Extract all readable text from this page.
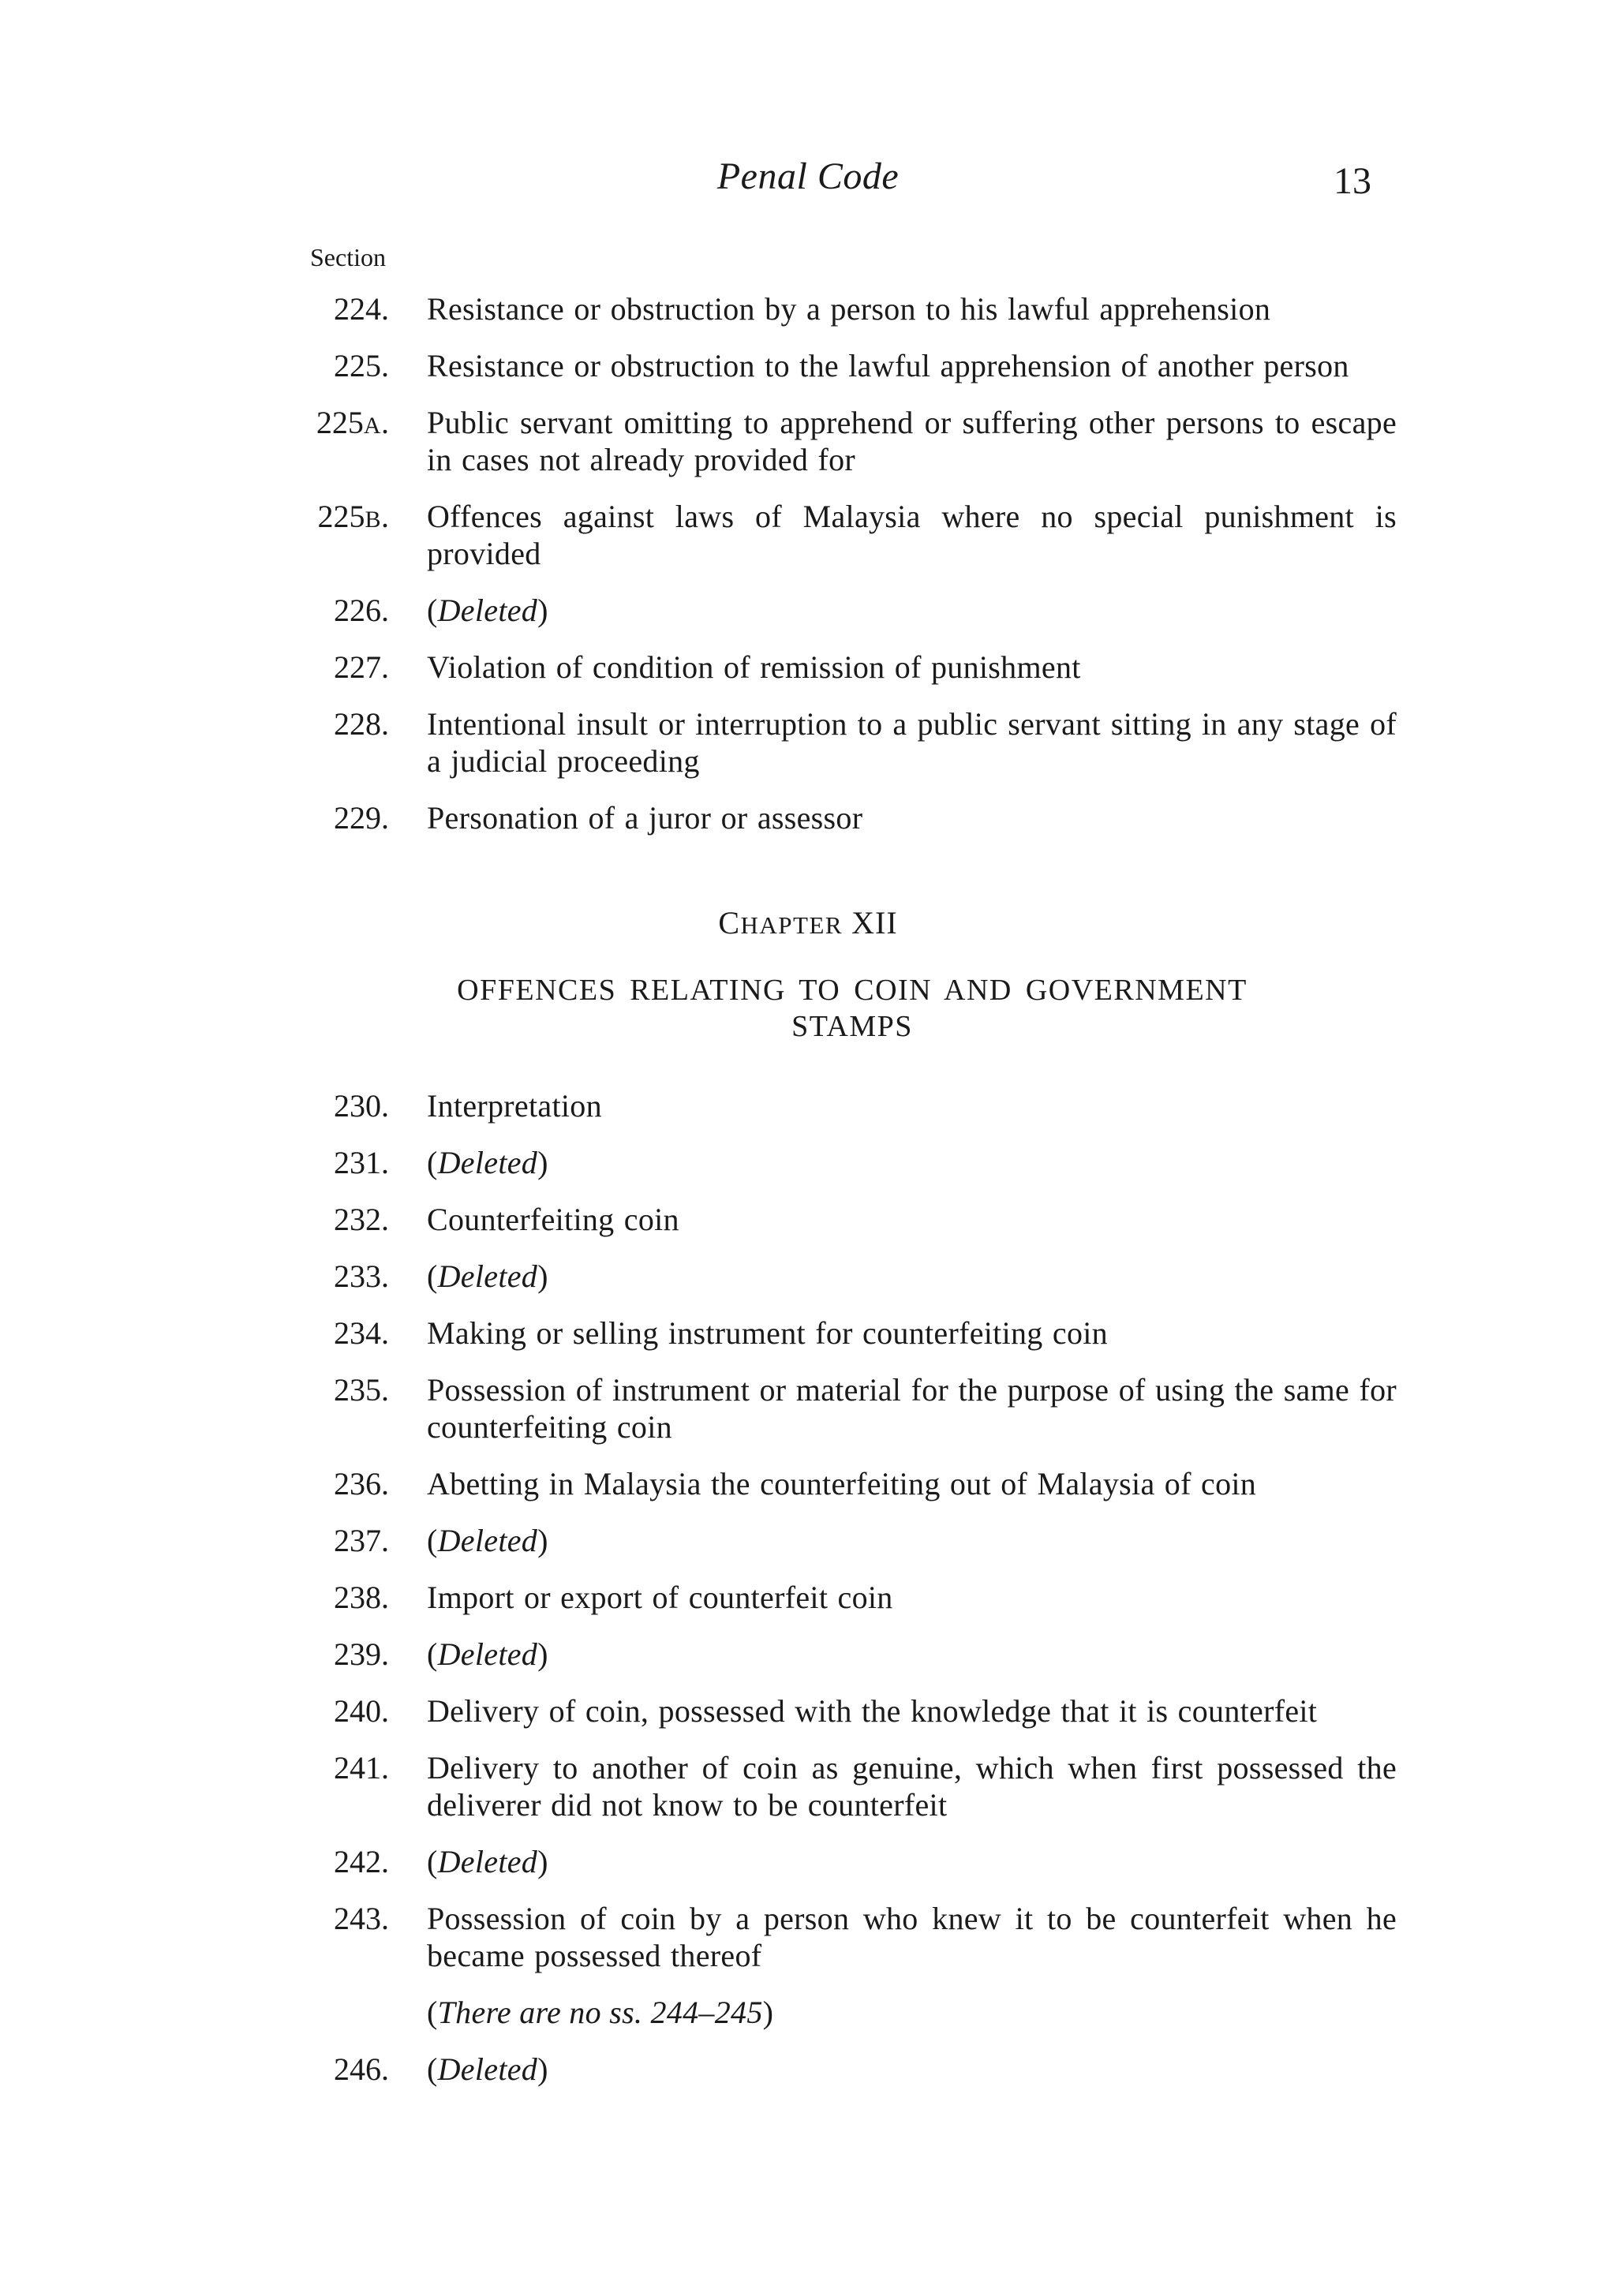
Penal Code	13
Section
224. Resistance or obstruction by a person to his lawful apprehension
225. Resistance or obstruction to the lawful apprehension of another person
225A. Public servant omitting to apprehend or suffering other persons to escape in cases not already provided for
225B. Offences against laws of Malaysia where no special punishment is provided
226. (Deleted)
227. Violation of condition of remission of punishment
228. Intentional insult or interruption to a public servant sitting in any stage of a judicial proceeding
229. Personation of a juror or assessor
CHAPTER XII
OFFENCES RELATING TO COIN AND GOVERNMENT STAMPS
230. Interpretation
231. (Deleted)
232. Counterfeiting coin
233. (Deleted)
234. Making or selling instrument for counterfeiting coin
235. Possession of instrument or material for the purpose of using the same for counterfeiting coin
236. Abetting in Malaysia the counterfeiting out of Malaysia of coin
237. (Deleted)
238. Import or export of counterfeit coin
239. (Deleted)
240. Delivery of coin, possessed with the knowledge that it is counterfeit
241. Delivery to another of coin as genuine, which when first possessed the deliverer did not know to be counterfeit
242. (Deleted)
243. Possession of coin by a person who knew it to be counterfeit when he became possessed thereof
(There are no ss. 244–245)
246. (Deleted)
